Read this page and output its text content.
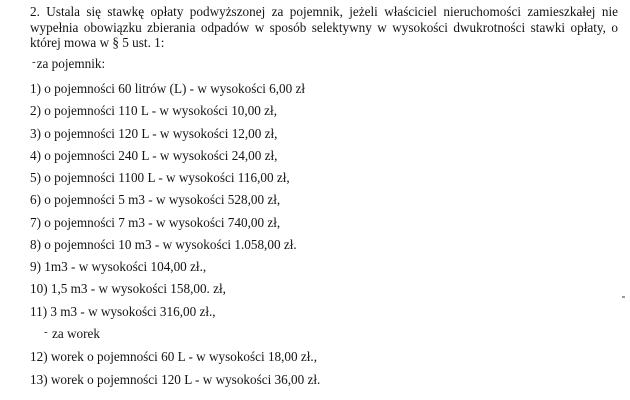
2. Ustala się stawkę opłaty podwyższonej za pojemnik, jeżeli właściciel nieruchomości zamieszkałej nie wypełnia obowiązku zbierania odpadów w sposób selektywny w wysokości dwukrotności stawki opłaty, o której mowa w § 5 ust. 1:

-za pojemnik:
1) o pojemności 60 litrów (L) - w wysokości 6,00 zł
2) o pojemności 110 L - w wysokości 10,00 zł,
3) o pojemności 120 L - w wysokości 12,00 zł,
4) o pojemności 240 L - w wysokości 24,00 zł,
5) o pojemności 1100 L - w wysokości 116,00 zł,
6) o pojemności 5 m3 - w wysokości 528,00 zł,
7) o pojemności 7 m3 - w wysokości 740,00 zł,
8) o pojemności 10 m3 - w wysokości 1.058,00 zł.
9) 1m3 - w wysokości 104,00 zł.,
10) 1,5 m3 - w wysokości 158,00. zł,
11) 3 m3 - w wysokości 316,00 zł.,
- za worek
12) worek o pojemności 60 L - w wysokości 18,00 zł.,
13) worek o pojemności 120 L - w wysokości 36,00 zł.
